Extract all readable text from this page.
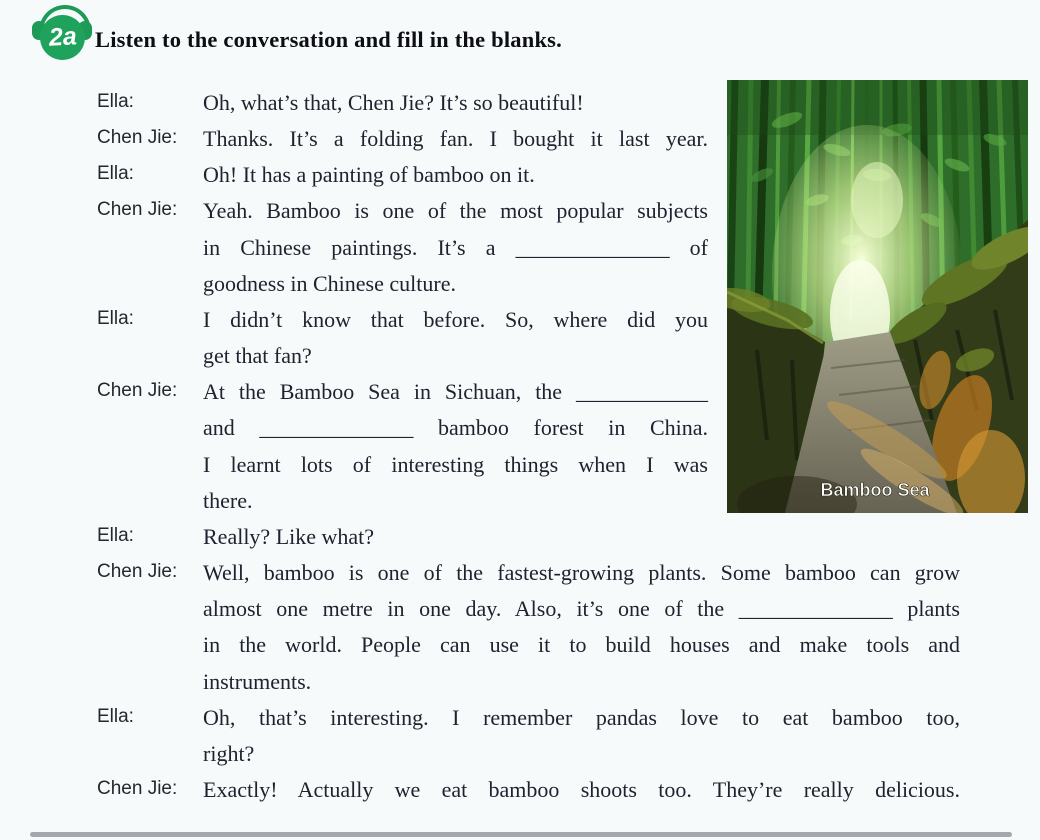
2a Listen to the conversation and fill in the blanks.
Ella:	Oh, what’s that, Chen Jie? It’s so beautiful!
Chen Jie: Thanks. It’s a folding fan. I bought it last year.
Ella:	Oh! It has a painting of bamboo on it.
Chen Jie: Yeah. Bamboo is one of the most popular subjects
in Chinese paintings. It’s a ______________ of
goodness in Chinese culture.
Ella:	I didn’t know that before. So, where did you
get that fan?
Chen Jie: At the Bamboo Sea in Sichuan, the ____________
and ______________ bamboo forest in China.
I learnt lots of interesting things when I was
there.
Ella:	Really? Like what?
Chen Jie: Well, bamboo is one of the fastest-growing plants. Some bamboo can grow
almost one metre in one day. Also, it’s one of the ______________ plants
in the world. People can use it to build houses and make tools and
instruments.
Ella:	Oh, that’s interesting. I remember pandas love to eat bamboo too,
right?
Chen Jie: Exactly! Actually we eat bamboo shoots too. They’re really delicious.
Bamboo Sea
